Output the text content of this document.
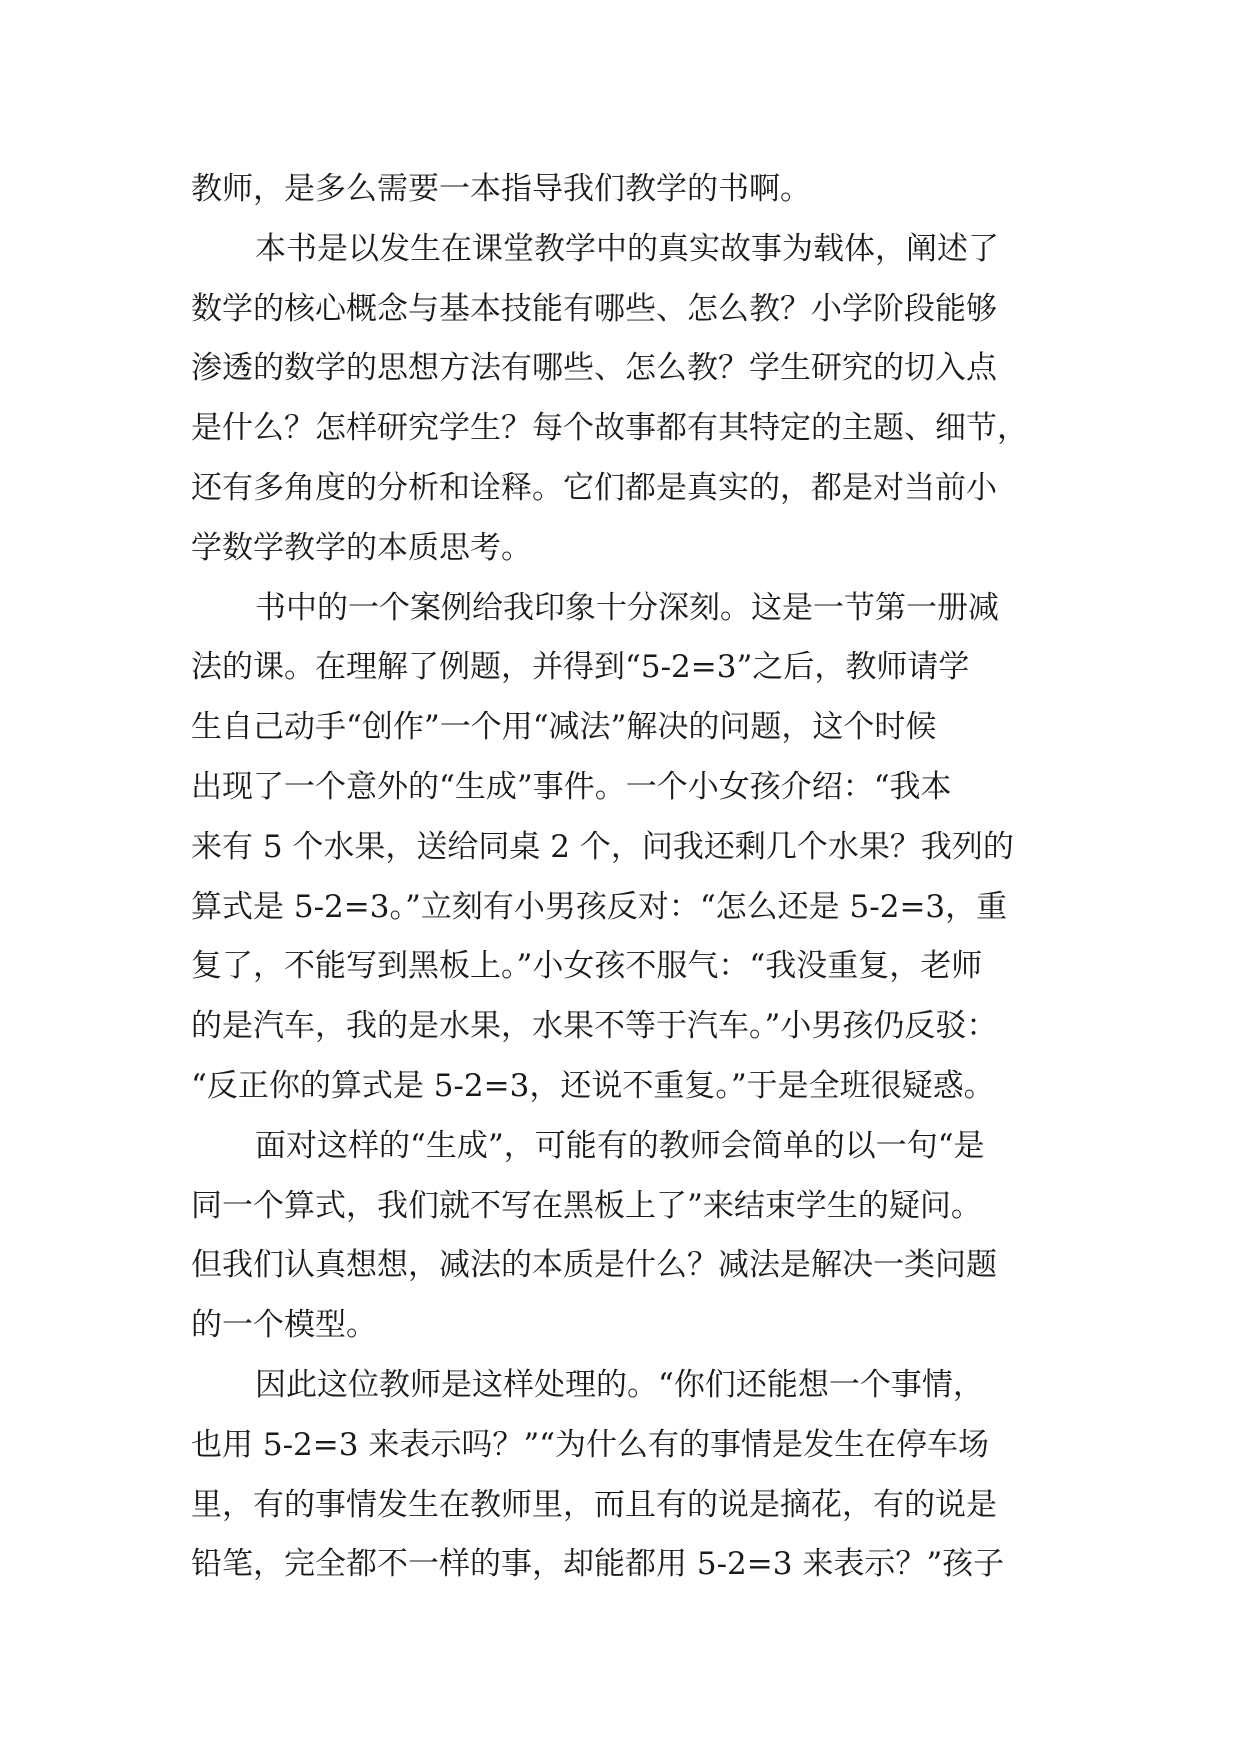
教师，是多么需要一本指导我们教学的书啊。
本书是以发生在课堂教学中的真实故事为载体，阐述了
数学的核心概念与基本技能有哪些、怎么教？小学阶段能够
渗透的数学的思想方法有哪些、怎么教？学生研究的切入点
是什么？怎样研究学生？每个故事都有其特定的主题、细节，
还有多角度的分析和诠释。它们都是真实的，都是对当前小
学数学教学的本质思考。
书中的一个案例给我印象十分深刻。这是一节第一册减
法的课。在理解了例题，并得到“5-2=3”之后，教师请学
生自己动手“创作”一个用“减法”解决的问题，这个时候
出现了一个意外的“生成”事件。一个小女孩介绍：“我本
来有 5 个水果，送给同桌 2 个，问我还剩几个水果？我列的
算式是 5-2=3。”立刻有小男孩反对：“怎么还是 5-2=3，重
复了，不能写到黑板上。”小女孩不服气：“我没重复，老师
的是汽车，我的是水果，水果不等于汽车。”小男孩仍反驳：
“反正你的算式是 5-2=3，还说不重复。”于是全班很疑惑。
面对这样的“生成”，可能有的教师会简单的以一句“是
同一个算式，我们就不写在黑板上了”来结束学生的疑问。
但我们认真想想，减法的本质是什么？减法是解决一类问题
的一个模型。
因此这位教师是这样处理的。“你们还能想一个事情，
也用 5-2=3 来表示吗？”“为什么有的事情是发生在停车场
里，有的事情发生在教师里，而且有的说是摘花，有的说是
铅笔，完全都不一样的事，却能都用 5-2=3 来表示？”孩子
